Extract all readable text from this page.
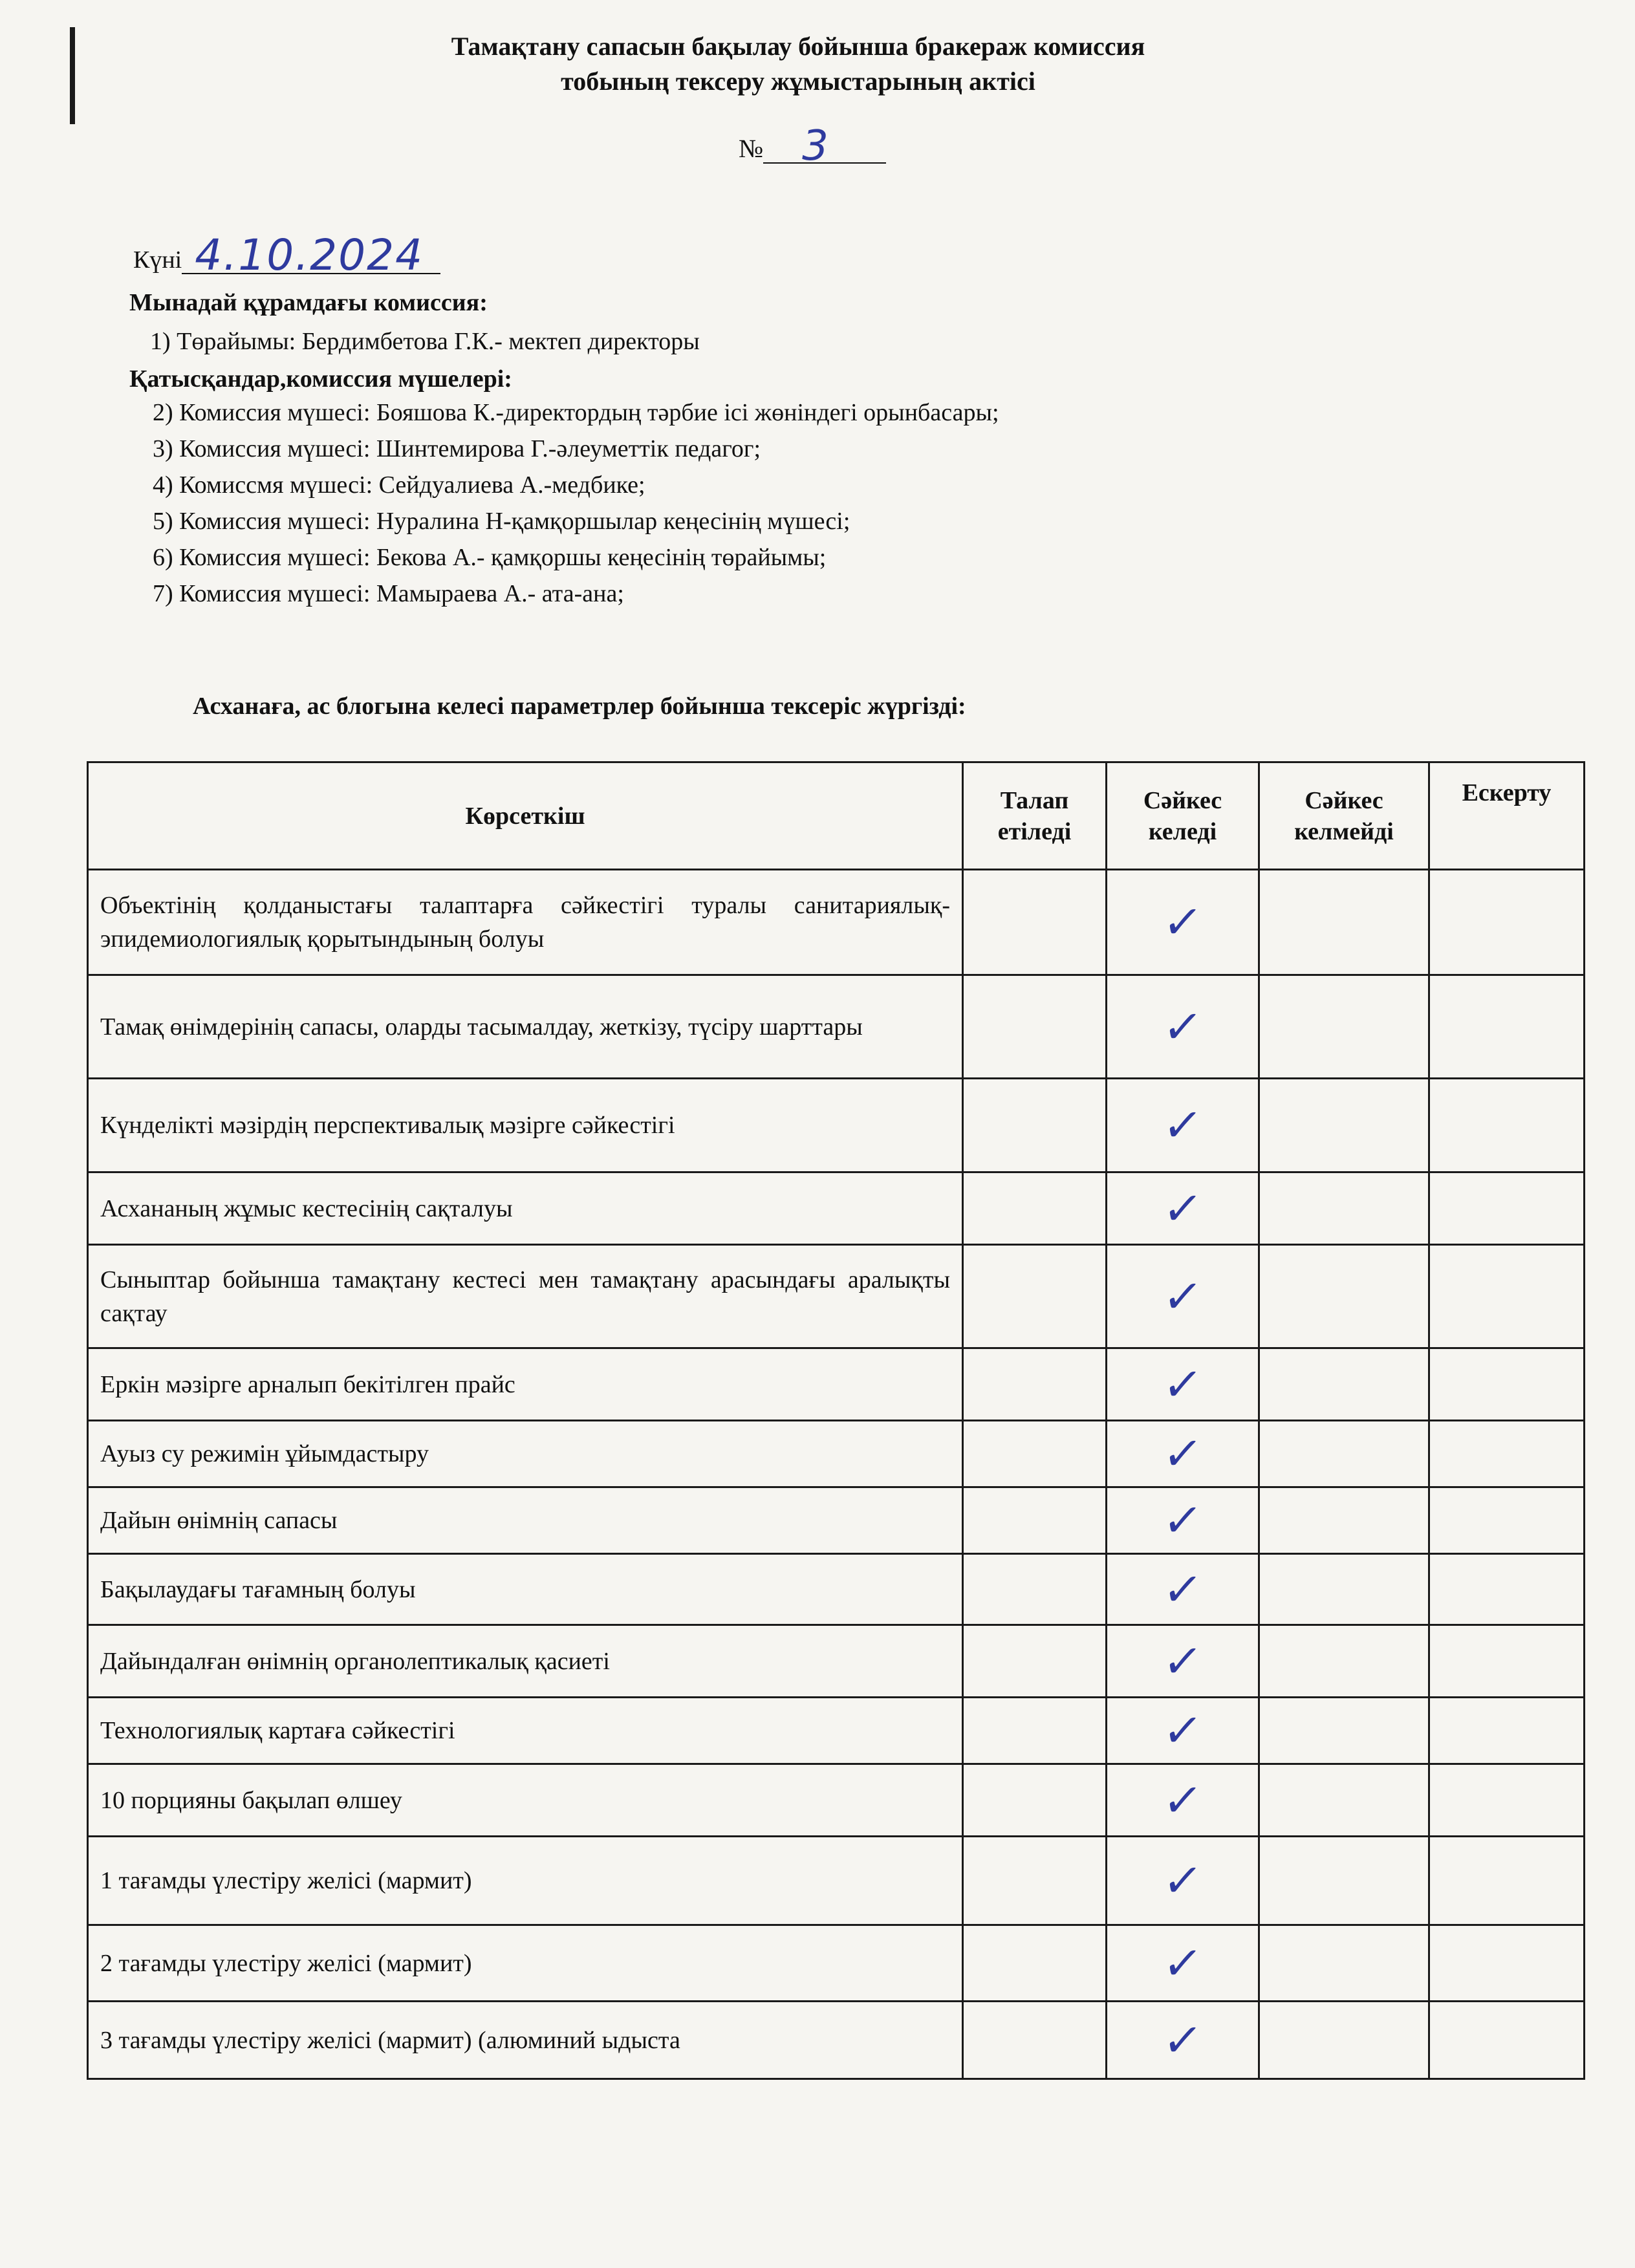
Тамақтану сапасын бақылау бойынша бракераж комиссия
тобының тексеру жұмыстарының актісі
№ 3
Күні 4.10.2024
Мынадай құрамдағы комиссия:
1) Төрайымы: Бердимбетова Г.К.- мектеп директоры
Қатысқандар,комиссия мүшелері:
2) Комиссия мүшесі: Бояшова К.-директордың тәрбие ісі жөніндегі орынбасары;
3) Комиссия мүшесі: Шинтемирова Г.-әлеуметтік педагог;
4) Комиссмя мүшесі: Сейдуалиева А.-медбике;
5) Комиссия мүшесі: Нуралина Н-қамқоршылар кеңесінің мүшесі;
6) Комиссия мүшесі: Бекова А.- қамқоршы кеңесінің төрайымы;
7) Комиссия мүшесі: Мамыраева А.- ата-ана;
Асханаға, ас блогына келесі параметрлер бойынша тексеріс жүргізді:
Көрсеткіш	Талап етіледі	Сәйкес келеді	Сәйкес келмейді	Ескерту
Объектінің қолданыстағы талаптарға сәйкестігі туралы санитариялық-эпидемиологиялық қорытындының болуы		✓		

Тамақ өнімдерінің сапасы, оларды тасымалдау, жеткізу, түсіру шарттары		✓		

Күнделікті мәзірдің перспективалық мәзірге сәйкестігі		✓		

Асхананың жұмыс кестесінің сақталуы		✓		

Сыныптар бойынша тамақтану кестесі мен тамақтану арасындағы аралықты сақтау		✓		

Еркін мәзірге арналып бекітілген прайс		✓		

Ауыз су режимін ұйымдастыру		✓		

Дайын өнімнің сапасы		✓		

Бақылаудағы тағамның болуы		✓		

Дайындалған өнімнің органолептикалық қасиеті		✓		

Технологиялық картаға сәйкестігі		✓		

10 порцияны бақылап өлшеу		✓		

1 тағамды үлестіру желісі (мармит)		✓		

2 тағамды үлестіру желісі (мармит)		✓		

3 тағамды үлестіру желісі (мармит) (алюминий ыдыста		✓		
